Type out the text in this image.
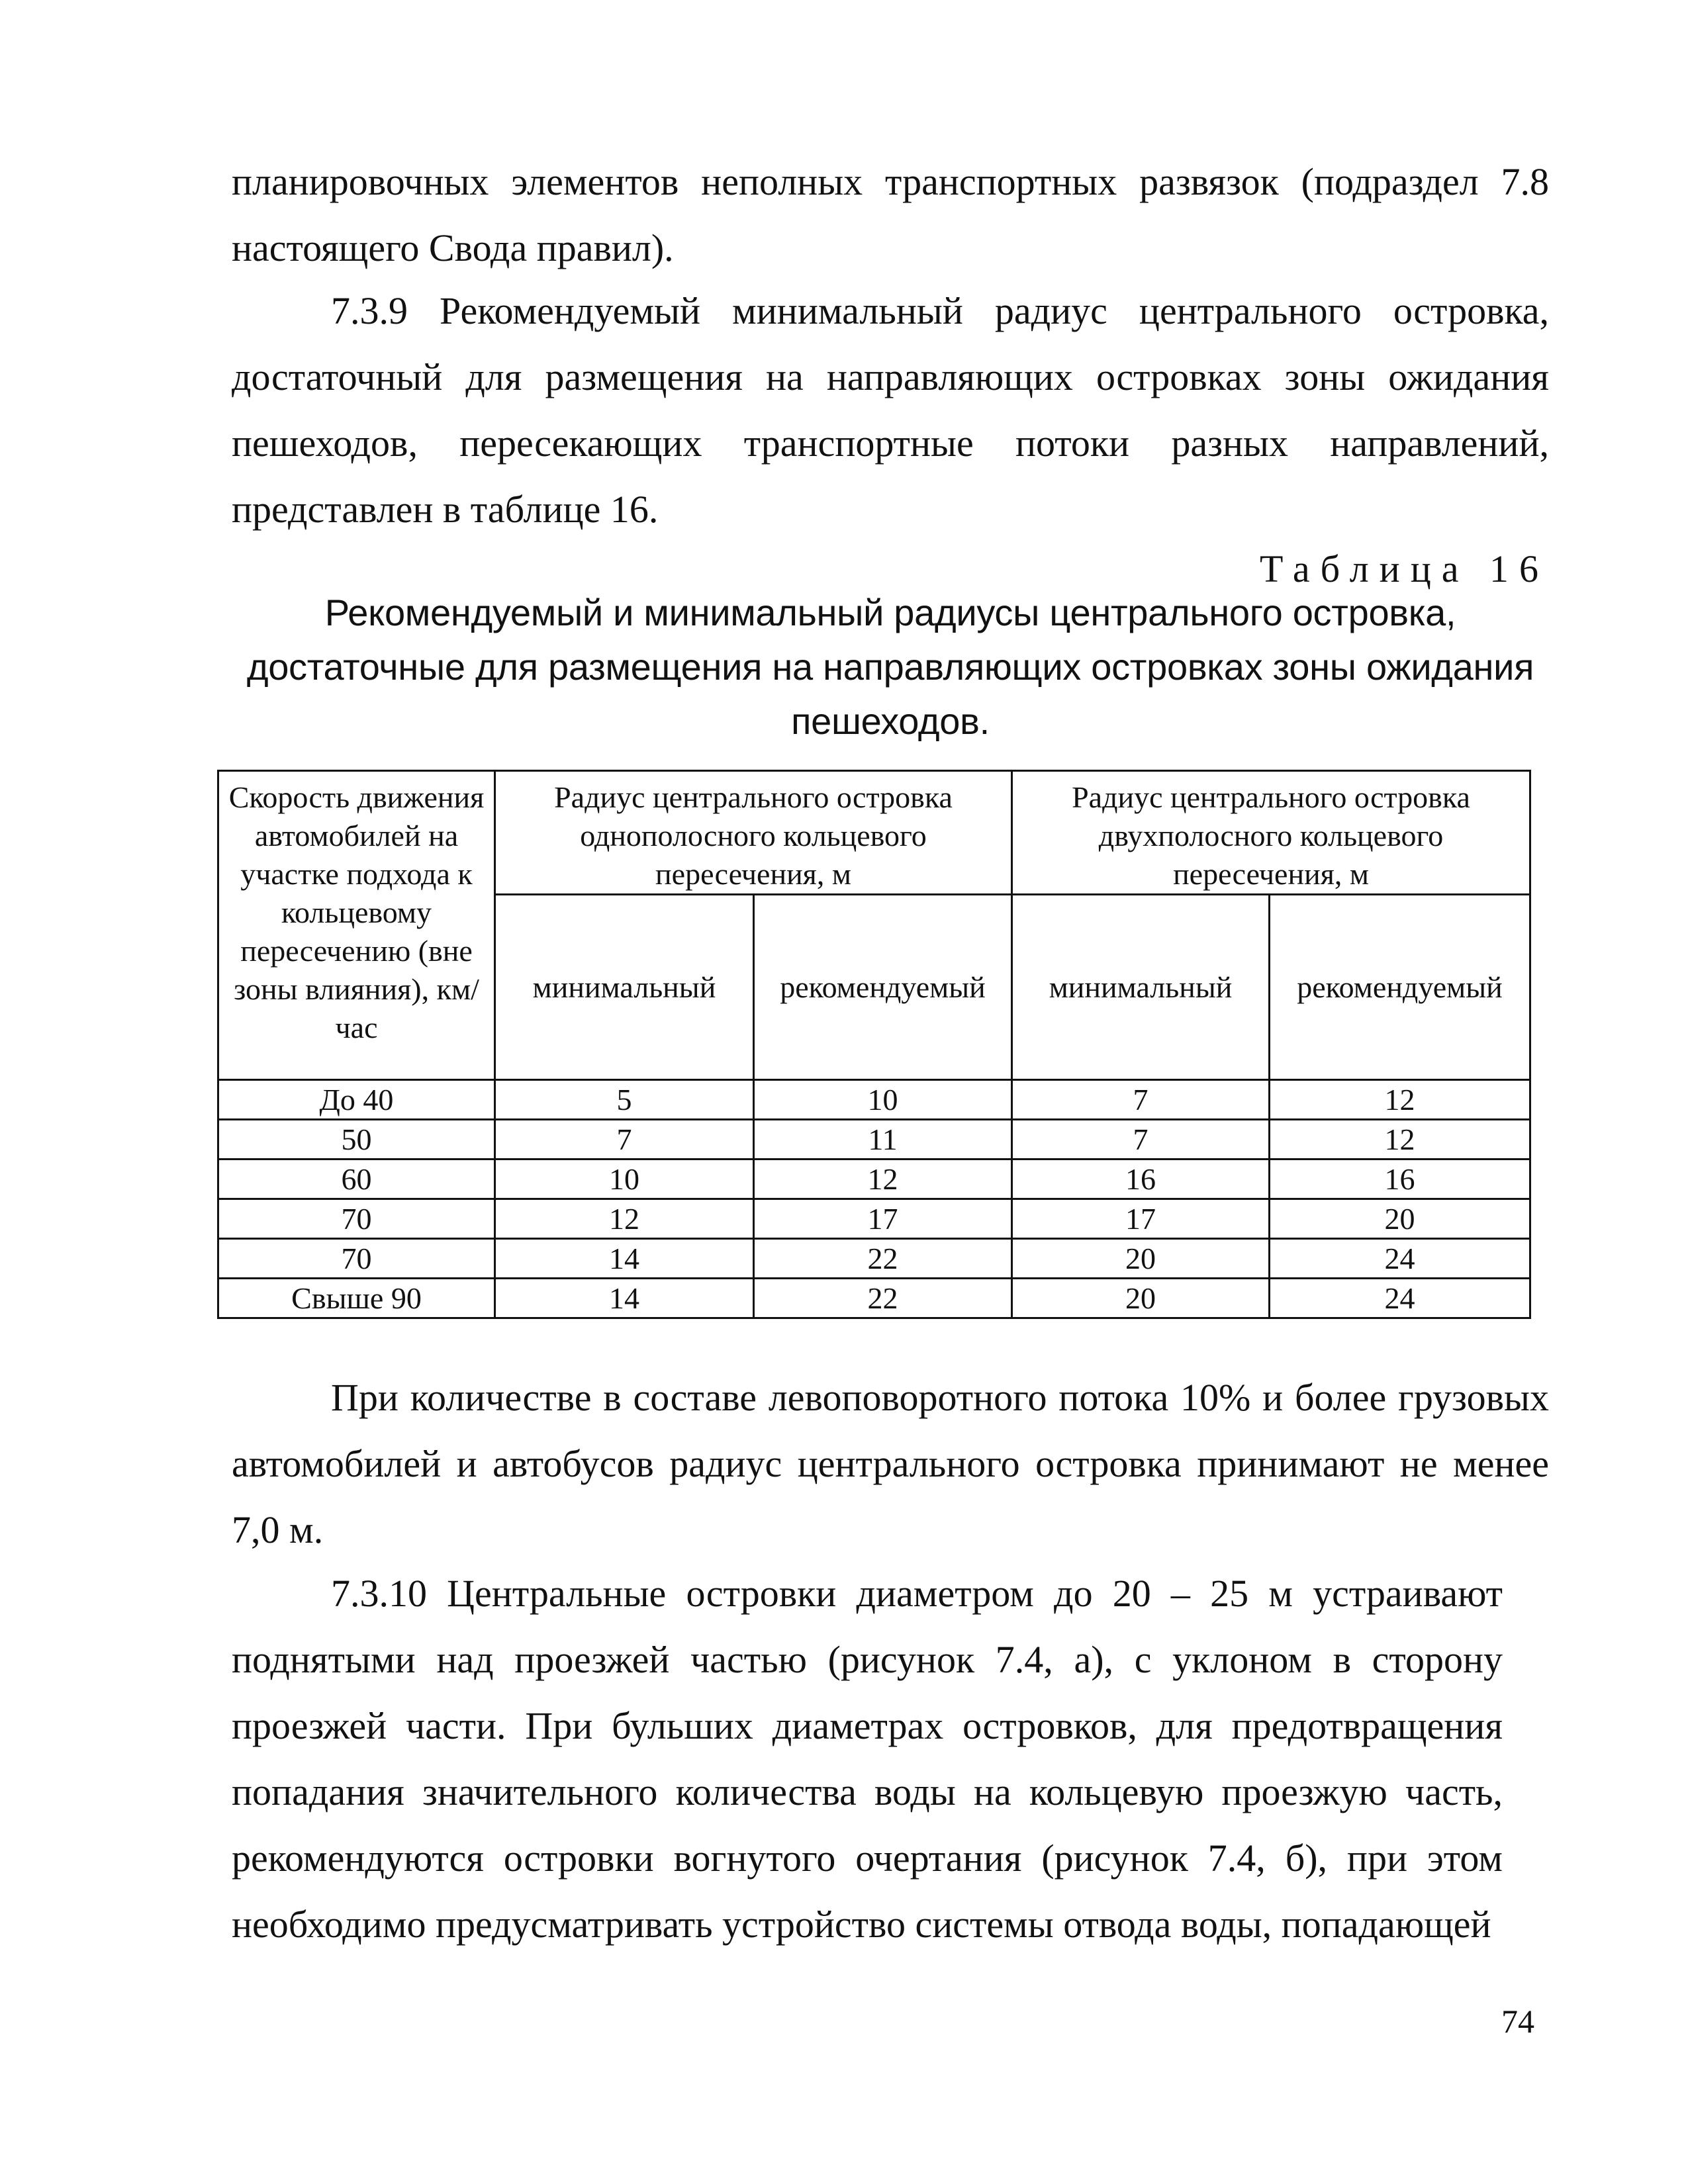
планировочных элементов неполных транспортных развязок (подраздел 7.8 настоящего Свода правил).

7.3.9 Рекомендуемый минимальный радиус центрального островка, достаточный для размещения на направляющих островках зоны ожидания пешеходов, пересекающих транспортные потоки разных направлений, представлен в таблице 16.

Таблица 16

Рекомендуемый и минимальный радиусы центрального островка, достаточные для размещения на направляющих островках зоны ожидания пешеходов.

Скорость движения автомобилей на участке подхода к кольцевому пересечению (вне зоны влияния), км/час	Радиус центрального островка однополосного кольцевого пересечения, м		Радиус центрального островка двухполосного кольцевого пересечения, м	
	минимальный	рекомендуемый	минимальный	рекомендуемый
До 40	5	10	7	12
50	7	11	7	12
60	10	12	16	16
70	12	17	17	20
70	14	22	20	24
Свыше 90	14	22	20	24

При количестве в составе левоповоротного потока 10% и более грузовых автомобилей и автобусов радиус центрального островка принимают не менее 7,0 м.

7.3.10 Центральные островки диаметром до 20 – 25 м устраивают поднятыми над проезжей частью (рисунок 7.4, а), с уклоном в сторону проезжей части. При бульших диаметрах островков, для предотвращения попадания значительного количества воды на кольцевую проезжую часть, рекомендуются островки вогнутого очертания (рисунок 7.4, б), при этом необходимо предусматривать устройство системы отвода воды, попадающей

74
